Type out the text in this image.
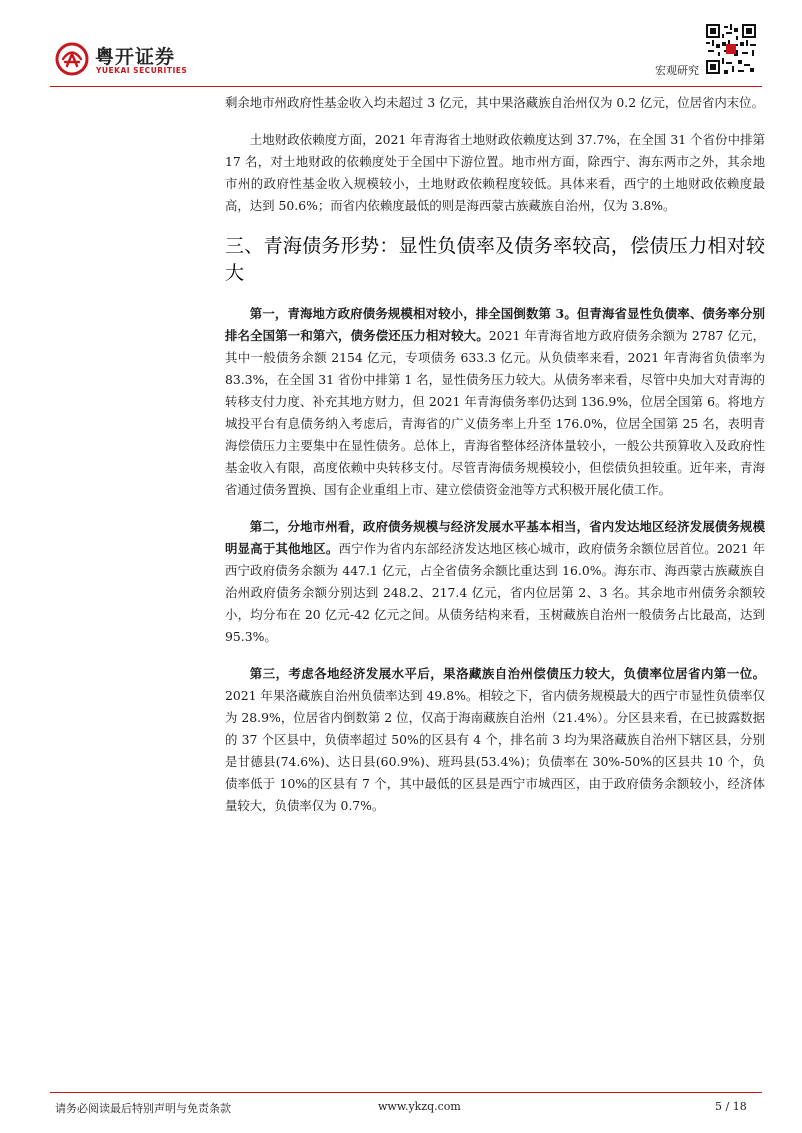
粤开证券
YUEKAI SECURITIES	宏观研究

剩余地市州政府性基金收入均未超过 3 亿元，其中果洛藏族自治州仅为 0.2 亿元，位居省内末位。

土地财政依赖度方面，2021 年青海省土地财政依赖度达到 37.7%，在全国 31 个省份中排第 17 名，对土地财政的依赖度处于全国中下游位置。地市州方面，除西宁、海东两市之外，其余地市州的政府性基金收入规模较小，土地财政依赖程度较低。具体来看，西宁的土地财政依赖度最高，达到 50.6%；而省内依赖度最低的则是海西蒙古族藏族自治州，仅为 3.8%。

三、青海债务形势：显性负债率及债务率较高，偿债压力相对较大

第一，青海地方政府债务规模相对较小，排全国倒数第 3。但青海省显性负债率、债务率分别排名全国第一和第六，债务偿还压力相对较大。2021 年青海省地方政府债务余额为 2787 亿元，其中一般债务余额 2154 亿元，专项债务 633.3 亿元。从负债率来看，2021 年青海省负债率为 83.3%，在全国 31 省份中排第 1 名，显性债务压力较大。从债务率来看，尽管中央加大对青海的转移支付力度、补充其地方财力，但 2021 年青海债务率仍达到 136.9%，位居全国第 6。将地方城投平台有息债务纳入考虑后，青海省的广义债务率上升至 176.0%，位居全国第 25 名，表明青海偿债压力主要集中在显性债务。总体上，青海省整体经济体量较小，一般公共预算收入及政府性基金收入有限，高度依赖中央转移支付。尽管青海债务规模较小，但偿债负担较重。近年来，青海省通过债务置换、国有企业重组上市、建立偿债资金池等方式积极开展化债工作。

第二，分地市州看，政府债务规模与经济发展水平基本相当，省内发达地区经济发展债务规模明显高于其他地区。西宁作为省内东部经济发达地区核心城市，政府债务余额位居首位。2021 年西宁政府债务余额为 447.1 亿元，占全省债务余额比重达到 16.0%。海东市、海西蒙古族藏族自治州政府债务余额分别达到 248.2、217.4 亿元，省内位居第 2、3 名。其余地市州债务余额较小，均分布在 20 亿元-42 亿元之间。从债务结构来看，玉树藏族自治州一般债务占比最高，达到 95.3%。

第三，考虑各地经济发展水平后，果洛藏族自治州偿债压力较大，负债率位居省内第一位。2021 年果洛藏族自治州负债率达到 49.8%。相较之下，省内债务规模最大的西宁市显性负债率仅为 28.9%，位居省内倒数第 2 位，仅高于海南藏族自治州（21.4%）。分区县来看，在已披露数据的 37 个区县中，负债率超过 50%的区县有 4 个，排名前 3 均为果洛藏族自治州下辖区县，分别是甘德县(74.6%)、达日县(60.9%)、班玛县(53.4%)；负债率在 30%-50%的区县共 10 个，负债率低于 10%的区县有 7 个，其中最低的区县是西宁市城西区，由于政府债务余额较小，经济体量较大，负债率仅为 0.7%。

请务必阅读最后特别声明与免责条款	www.ykzq.com	5 / 18
